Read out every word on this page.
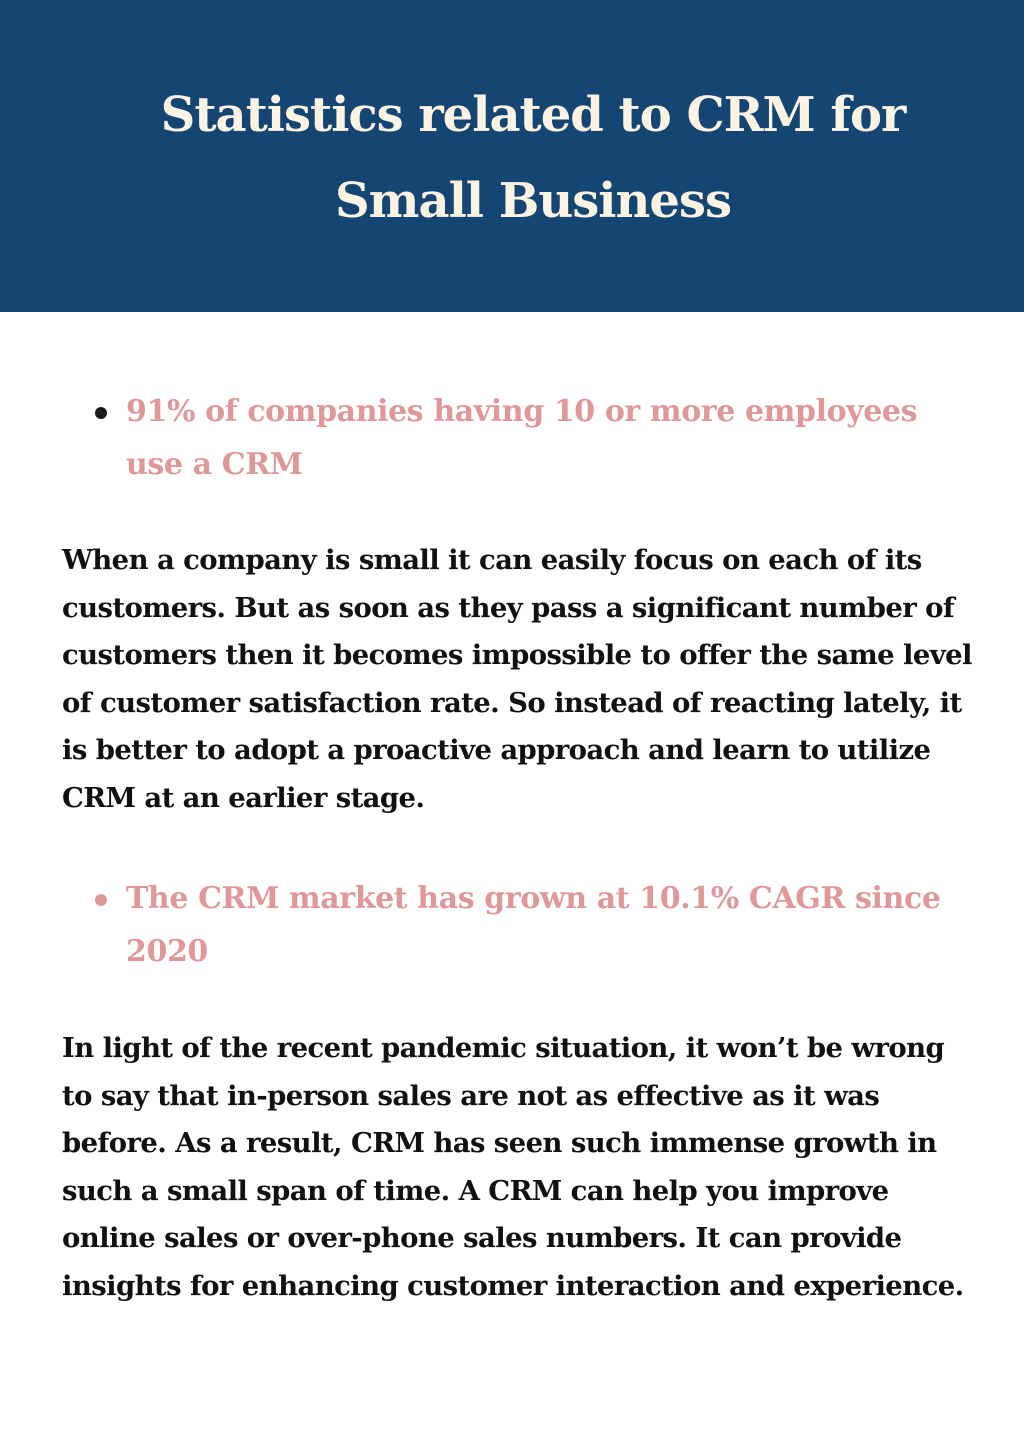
Statistics related to CRM for Small Business
91% of companies having 10 or more employees use a CRM

When a company is small it can easily focus on each of its customers. But as soon as they pass a significant number of customers then it becomes impossible to offer the same level of customer satisfaction rate. So instead of reacting lately, it is better to adopt a proactive approach and learn to utilize CRM at an earlier stage.

The CRM market has grown at 10.1% CAGR since 2020

In light of the recent pandemic situation, it won’t be wrong to say that in-person sales are not as effective as it was before. As a result, CRM has seen such immense growth in such a small span of time. A CRM can help you improve online sales or over-phone sales numbers. It can provide insights for enhancing customer interaction and experience.
